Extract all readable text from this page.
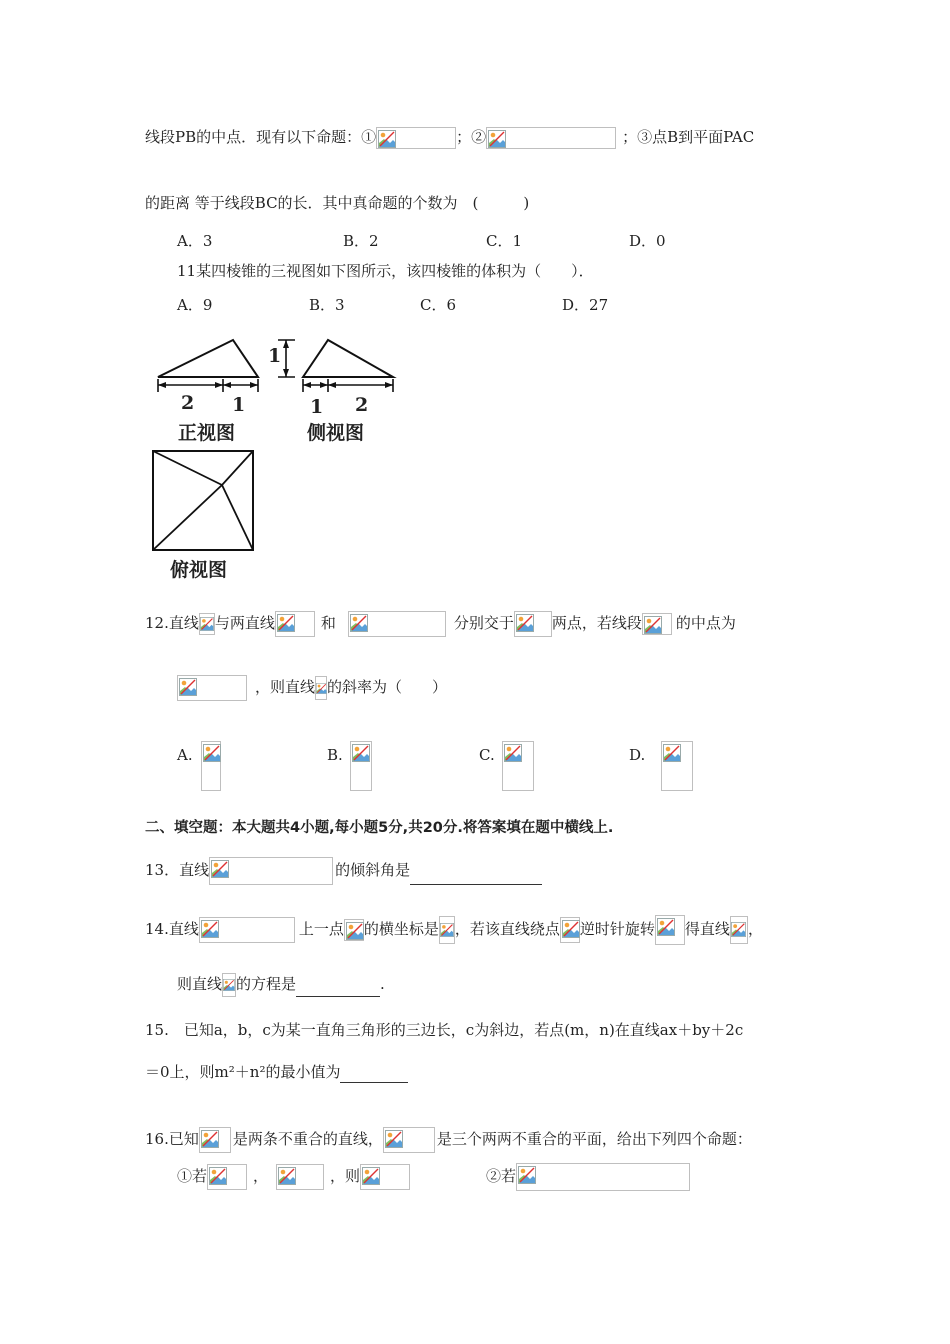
线段PB的中点．现有以下命题：①	；②	；③点B到平面PAC
的距离 等于线段BC的长．其中真命题的个数为　(　　　)
A．3	B．2	C．1	D．0
11某四棱锥的三视图如下图所示，该四棱锥的体积为（　　）．
A．9	B．3	C．6	D．27
2 1	1 2
1
正视图	侧视图
俯视图
12.直线 与两直线	和	分别交于	两点，若线段 的中点为
，则直线 的斜率为（　　）
A.	B.	C.	D.
二、填空题：本大题共4小题,每小题5分,共20分.将答案填在题中横线上.
13．直线	的倾斜角是
14.直线	上一点 的横坐标是 ，若该直线绕点 逆时针旋转 得直线 ，
则直线 的方程是	.
15.　已知a，b，c为某一直角三角形的三边长，c为斜边，若点(m，n)在直线ax＋by＋2c
＝0上，则m²＋n²的最小值为
16.已知 是两条不重合的直线，	是三个两两不重合的平面，给出下列四个命题：
①若	，	，则	②若
